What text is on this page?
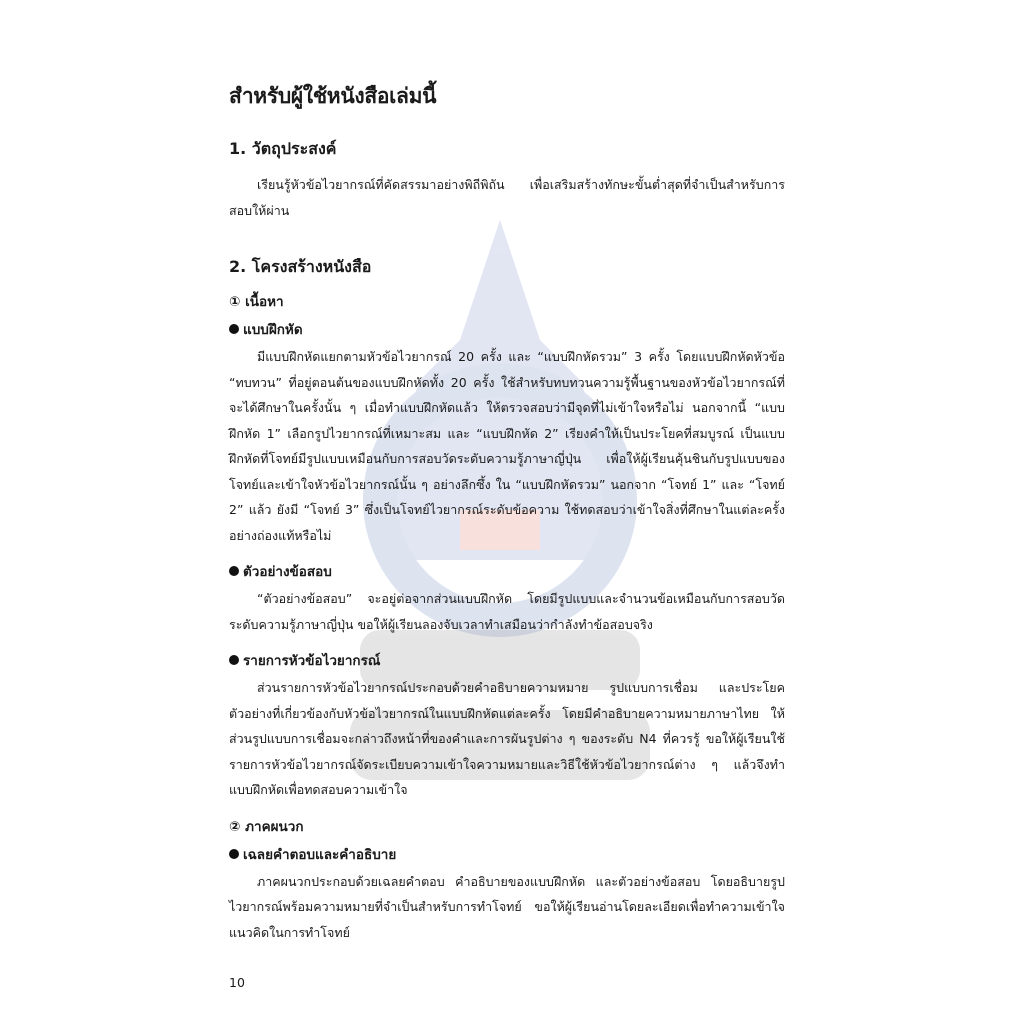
สำหรับผู้ใช้หนังสือเล่มนี้
1. วัตถุประสงค์

เรียนรู้หัวข้อไวยากรณ์ที่คัดสรรมาอย่างพิถีพิถัน เพื่อเสริมสร้างทักษะขั้นต่ำสุดที่จำเป็นสำหรับการสอบให้ผ่าน

2. โครงสร้างหนังสือ
① เนื้อหา
แบบฝึกหัด

มีแบบฝึกหัดแยกตามหัวข้อไวยากรณ์ 20 ครั้ง และ “แบบฝึกหัดรวม” 3 ครั้ง โดยแบบฝึกหัดหัวข้อ “ทบทวน” ที่อยู่ตอนต้นของแบบฝึกหัดทั้ง 20 ครั้ง ใช้สำหรับทบทวนความรู้พื้นฐานของหัวข้อไวยากรณ์ที่จะได้ศึกษาในครั้งนั้น ๆ เมื่อทำแบบฝึกหัดแล้ว ให้ตรวจสอบว่ามีจุดที่ไม่เข้าใจหรือไม่ นอกจากนี้ “แบบฝึกหัด 1” เลือกรูปไวยากรณ์ที่เหมาะสม และ “แบบฝึกหัด 2” เรียงคำให้เป็นประโยคที่สมบูรณ์ เป็นแบบฝึกหัดที่โจทย์มีรูปแบบเหมือนกับการสอบวัดระดับความรู้ภาษาญี่ปุ่น เพื่อให้ผู้เรียนคุ้นชินกับรูปแบบของโจทย์และเข้าใจหัวข้อไวยากรณ์นั้น ๆ อย่างลึกซึ้ง ใน “แบบฝึกหัดรวม” นอกจาก “โจทย์ 1” และ “โจทย์ 2” แล้ว ยังมี “โจทย์ 3” ซึ่งเป็นโจทย์ไวยากรณ์ระดับข้อความ ใช้ทดสอบว่าเข้าใจสิ่งที่ศึกษาในแต่ละครั้งอย่างถ่องแท้หรือไม่

ตัวอย่างข้อสอบ

“ตัวอย่างข้อสอบ” จะอยู่ต่อจากส่วนแบบฝึกหัด โดยมีรูปแบบและจำนวนข้อเหมือนกับการสอบวัดระดับความรู้ภาษาญี่ปุ่น ขอให้ผู้เรียนลองจับเวลาทำเสมือนว่ากำลังทำข้อสอบจริง

รายการหัวข้อไวยากรณ์

ส่วนรายการหัวข้อไวยากรณ์ประกอบด้วยคำอธิบายความหมาย รูปแบบการเชื่อม และประโยคตัวอย่างที่เกี่ยวข้องกับหัวข้อไวยากรณ์ในแบบฝึกหัดแต่ละครั้ง โดยมีคำอธิบายความหมายภาษาไทย ให้ ส่วนรูปแบบการเชื่อมจะกล่าวถึงหน้าที่ของคำและการผันรูปต่าง ๆ ของระดับ N4 ที่ควรรู้ ขอให้ผู้เรียนใช้รายการหัวข้อไวยากรณ์จัดระเบียบความเข้าใจความหมายและวิธีใช้หัวข้อไวยากรณ์ต่าง ๆ แล้วจึงทำแบบฝึกหัดเพื่อทดสอบความเข้าใจ

② ภาคผนวก
เฉลยคำตอบและคำอธิบาย

ภาคผนวกประกอบด้วยเฉลยคำตอบ คำอธิบายของแบบฝึกหัด และตัวอย่างข้อสอบ โดยอธิบายรูปไวยากรณ์พร้อมความหมายที่จำเป็นสำหรับการทำโจทย์ ขอให้ผู้เรียนอ่านโดยละเอียดเพื่อทำความเข้าใจแนวคิดในการทำโจทย์

10
